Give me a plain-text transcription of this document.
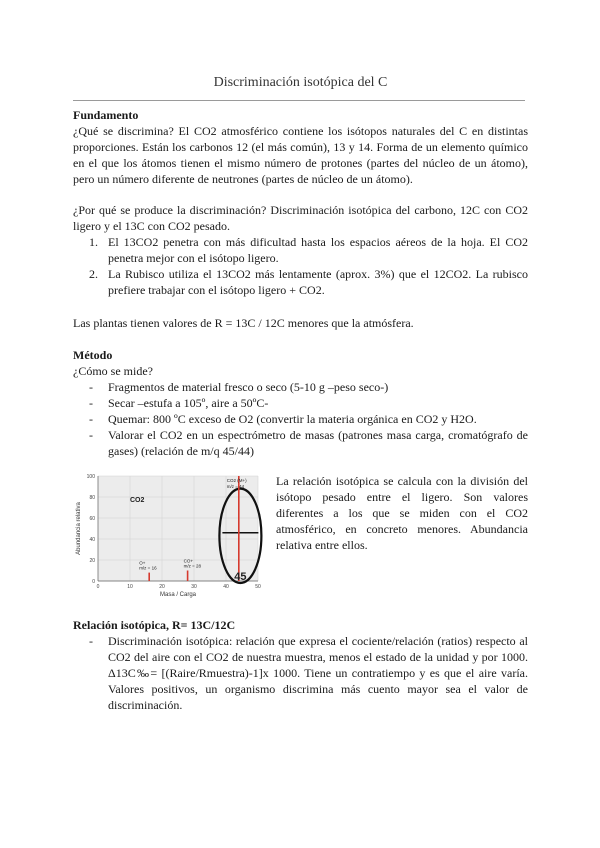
Discriminación isotópica del C
Fundamento
¿Qué se discrimina? El CO2 atmosférico contiene los isótopos naturales del C en distintas proporciones. Están los carbonos 12 (el más común), 13 y 14. Forma de un elemento químico en el que los átomos tienen el mismo número de protones (partes del núcleo de un átomo), pero un número diferente de neutrones (partes de núcleo de un átomo).
¿Por qué se produce la discriminación? Discriminación isotópica del carbono, 12C con CO2 ligero y el 13C con CO2 pesado.
1. El 13CO2 penetra con más dificultad hasta los espacios aéreos de la hoja. El CO2 penetra mejor con el isótopo ligero.
2. La Rubisco utiliza el 13CO2 más lentamente (aprox. 3%) que el 12CO2. La rubisco prefiere trabajar con el isótopo ligero + CO2.
Las plantas tienen valores de R = 13C / 12C menores que la atmósfera.
Método
¿Cómo se mide?
- Fragmentos de material fresco o seco (5-10 g –peso seco-)
- Secar –estufa a 105º, aire a 50ºC-
- Quemar: 800 ºC exceso de O2 (convertir la materia orgánica en CO2 y H2O.
- Valorar el CO2 en un espectrómetro de masas (patrones masa carga, cromatógrafo de gases) (relación de m/q 45/44)
0	10	20	30	40	50
0
20
40
60
80
100
O+
m/z = 16
CO+
m/z = 28
CO2 (M+)
m/z = 44
45
Abundancia relativa
Masa / Carga
CO2
La relación isotópica se calcula con la división del isótopo pesado entre el ligero. Son valores diferentes a los que se miden con el CO2 atmosférico, en concreto menores. Abundancia relativa entre ellos.
Relación isotópica, R= 13C/12C
- Discriminación isotópica: relación que expresa el cociente/relación (ratios) respecto al CO2 del aire con el CO2 de nuestra muestra, menos el estado de la unidad y por 1000. Δ13C‰= [(Raire/Rmuestra)-1]x 1000. Tiene un contratiempo y es que el aire varía. Valores positivos, un organismo discrimina más cuento mayor sea el valor de discriminación.
